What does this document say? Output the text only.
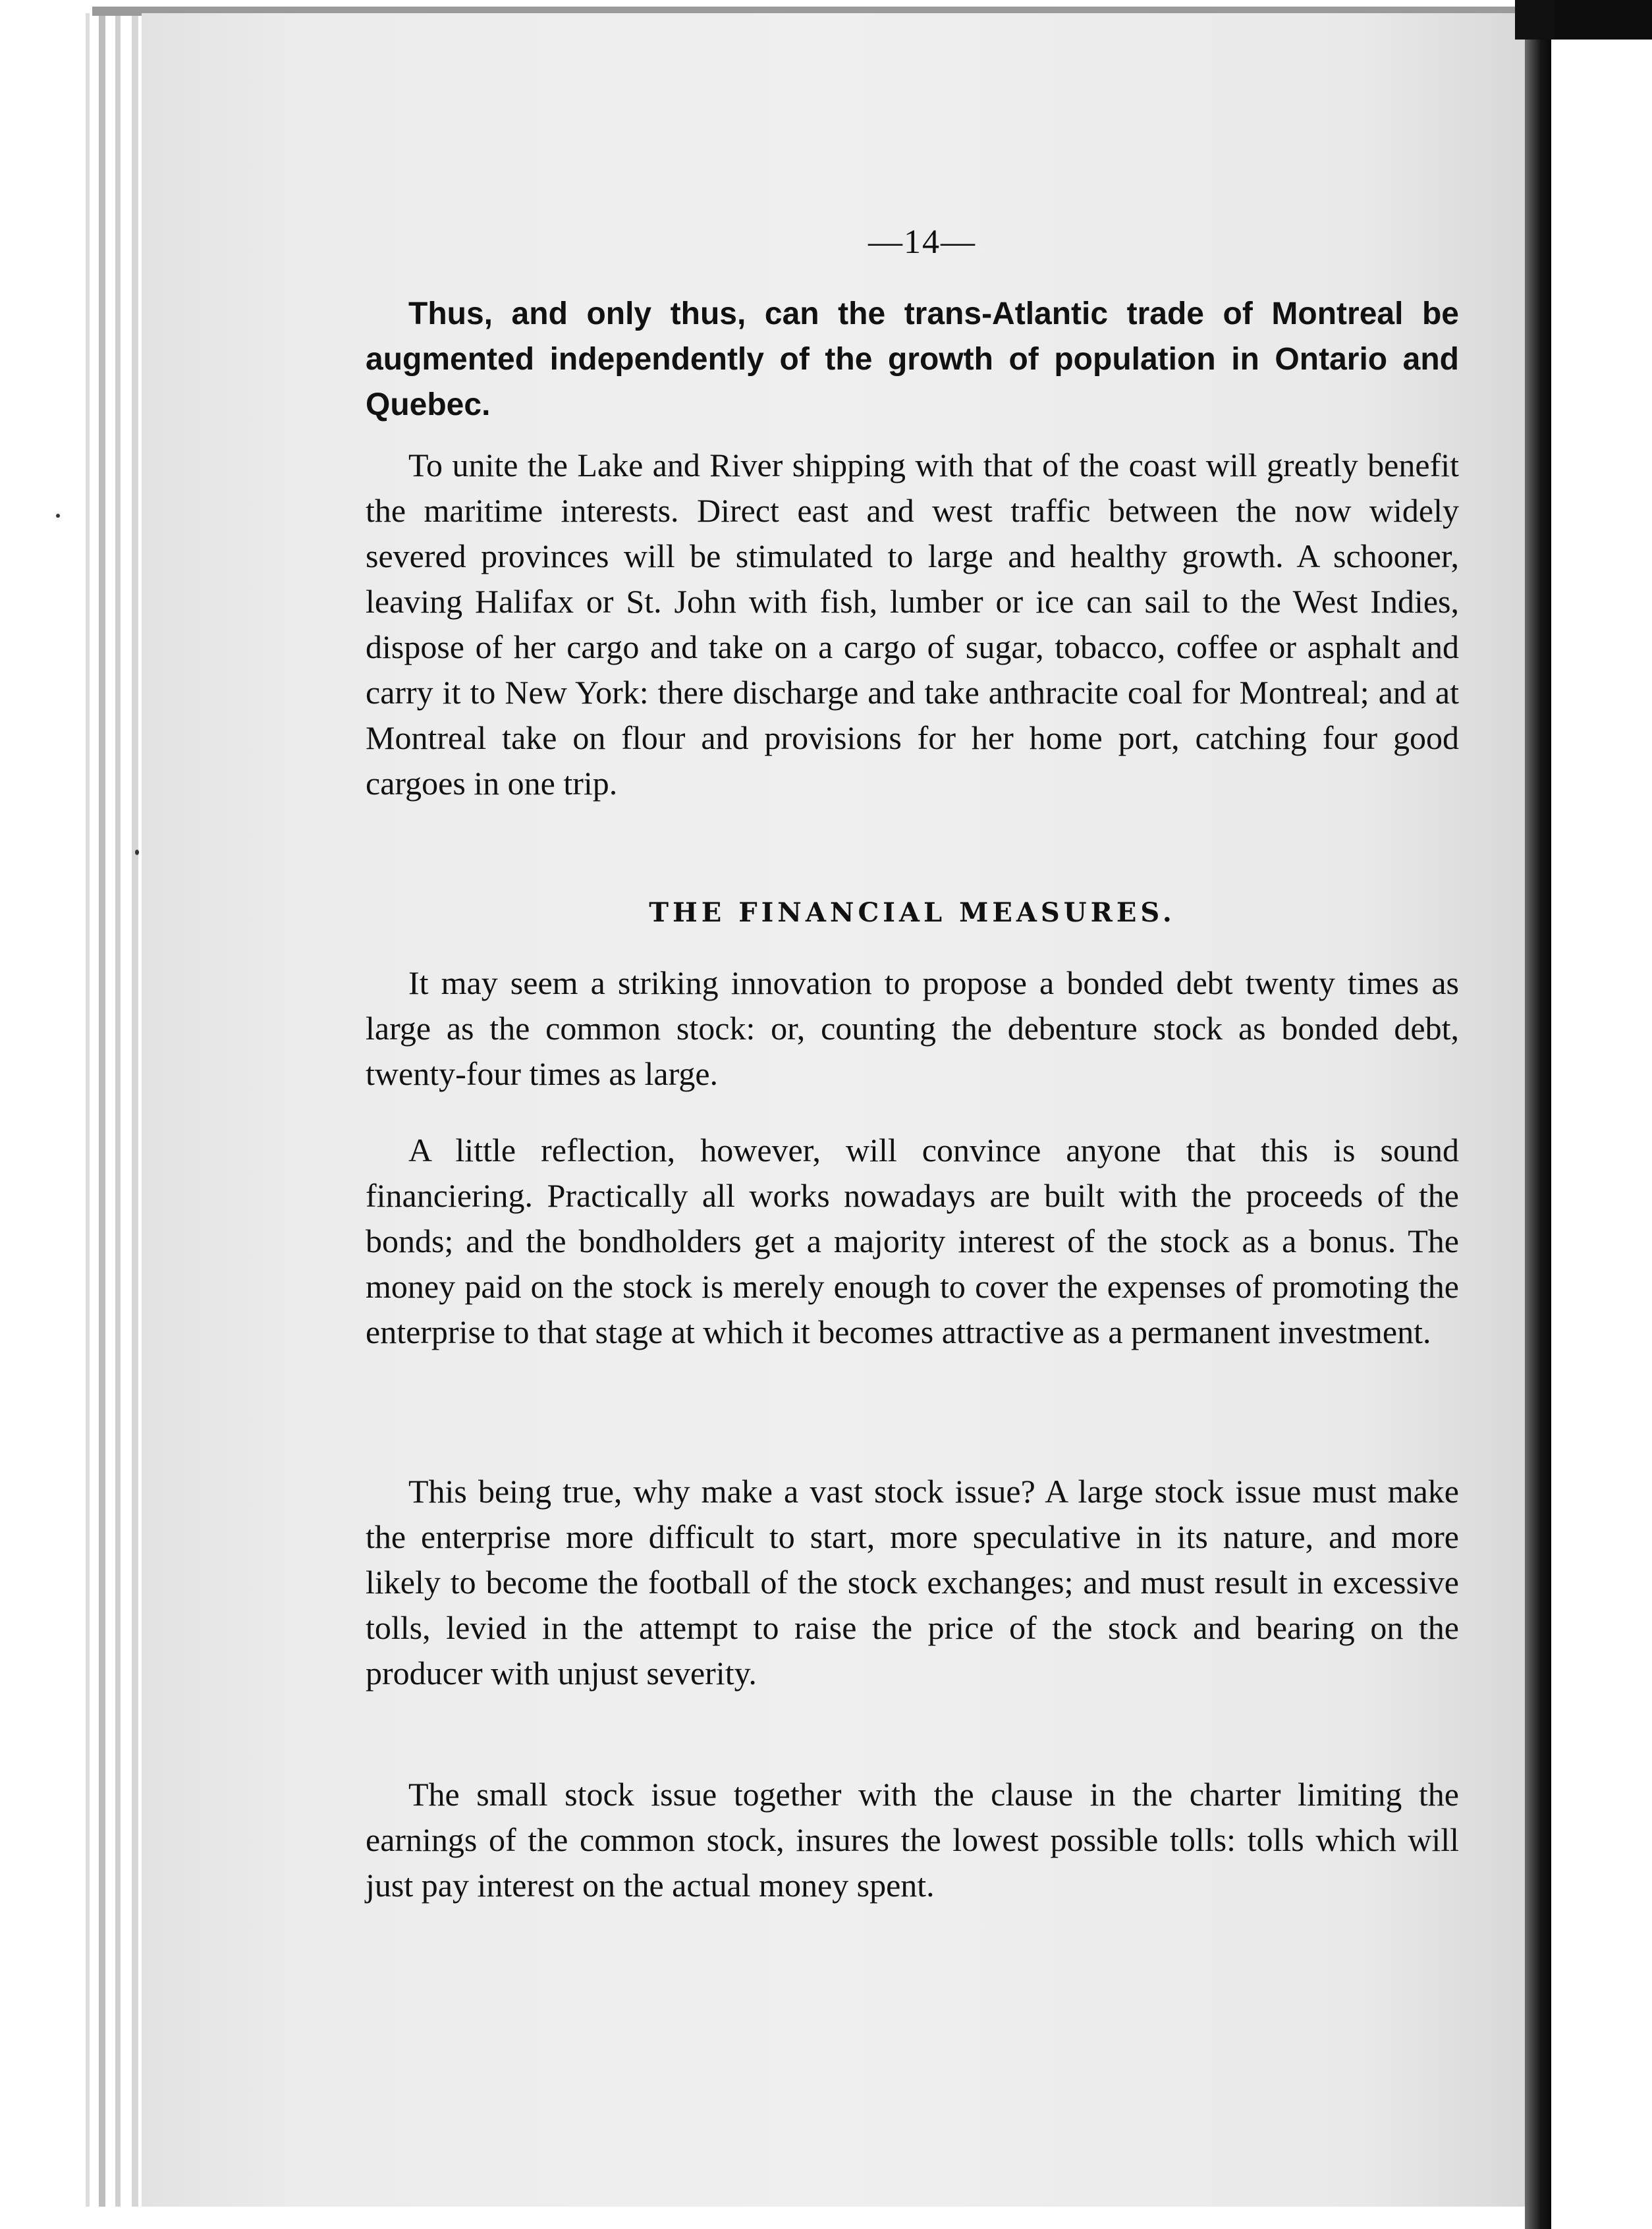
—14—

Thus, and only thus, can the trans-Atlantic trade of Montreal be augmented independently of the growth of population in Ontario and Quebec.

To unite the Lake and River shipping with that of the coast will greatly benefit the maritime interests. Direct east and west traffic between the now widely severed provinces will be stimulated to large and healthy growth. A schooner, leaving Halifax or St. John with fish, lumber or ice can sail to the West Indies, dispose of her cargo and take on a cargo of sugar, tobacco, coffee or asphalt and carry it to New York: there discharge and take anthracite coal for Montreal; and at Montreal take on flour and provisions for her home port, catching four good cargoes in one trip.

THE FINANCIAL MEASURES.

It may seem a striking innovation to propose a bonded debt twenty times as large as the common stock: or, counting the debenture stock as bonded debt, twenty-four times as large.

A little reflection, however, will convince anyone that this is sound financiering. Practically all works nowadays are built with the proceeds of the bonds; and the bondholders get a majority interest of the stock as a bonus. The money paid on the stock is merely enough to cover the expenses of promoting the enterprise to that stage at which it becomes attractive as a permanent investment.

This being true, why make a vast stock issue? A large stock issue must make the enterprise more difficult to start, more speculative in its nature, and more likely to become the football of the stock exchanges; and must result in excessive tolls, levied in the attempt to raise the price of the stock and bearing on the producer with unjust severity.

The small stock issue together with the clause in the charter limiting the earnings of the common stock, insures the lowest possible tolls: tolls which will just pay interest on the actual money spent.
